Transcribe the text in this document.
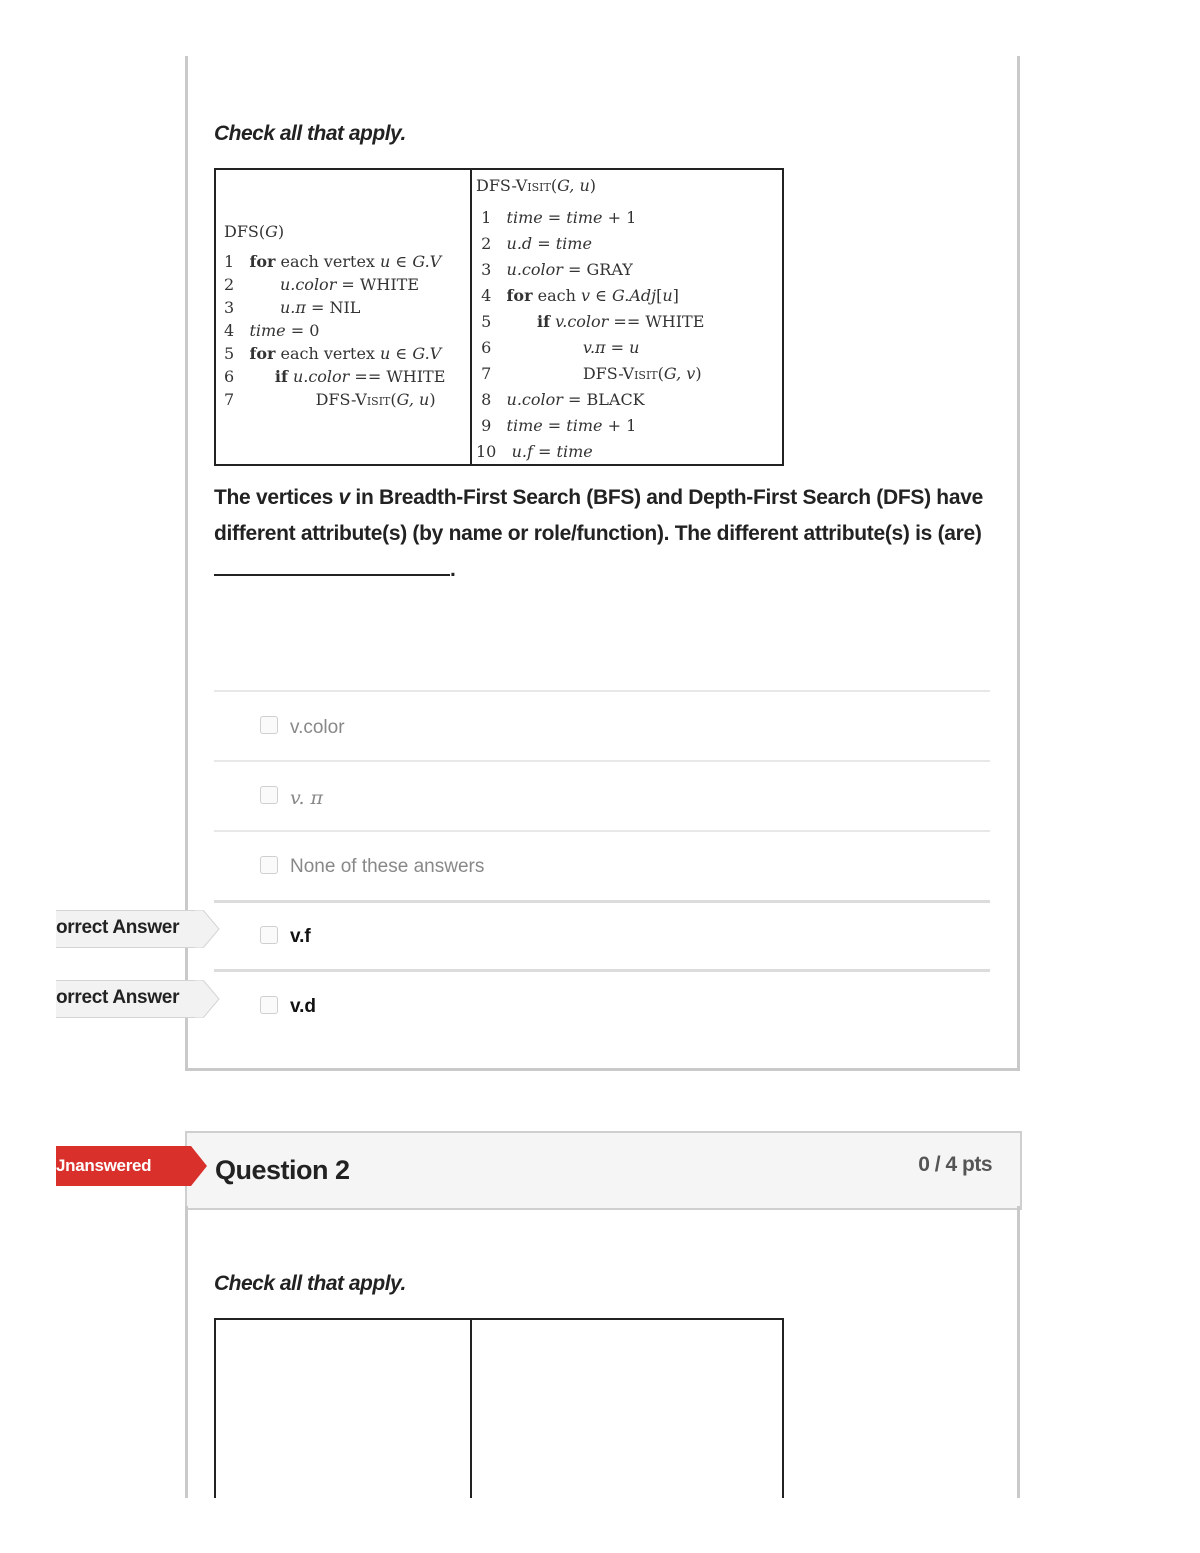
Check all that apply.
DFS(G)
1   for each vertex u ∈ G.V
2         u.color = WHITE
3         u.π = NIL
4   time = 0
5   for each vertex u ∈ G.V
6        if u.color == WHITE
7                DFS-Visit(G, u)
DFS-Visit(G, u)
1   time = time + 1
2   u.d = time
3   u.color = GRAY
4   for each v ∈ G.Adj[u]
5         if v.color == WHITE
6                  v.π = u
7                  DFS-Visit(G, v)
8   u.color = BLACK
9   time = time + 1
10   u.f = time
The vertices v in Breadth-First Search (BFS) and Depth-First Search (DFS) have different attribute(s) (by name or role/function). The different attribute(s) is (are) .
v.color
v. π
None of these answers
v.f
v.d
orrect Answer
orrect Answer
Question 2	0 / 4 pts
Jnanswered
Check all that apply.
